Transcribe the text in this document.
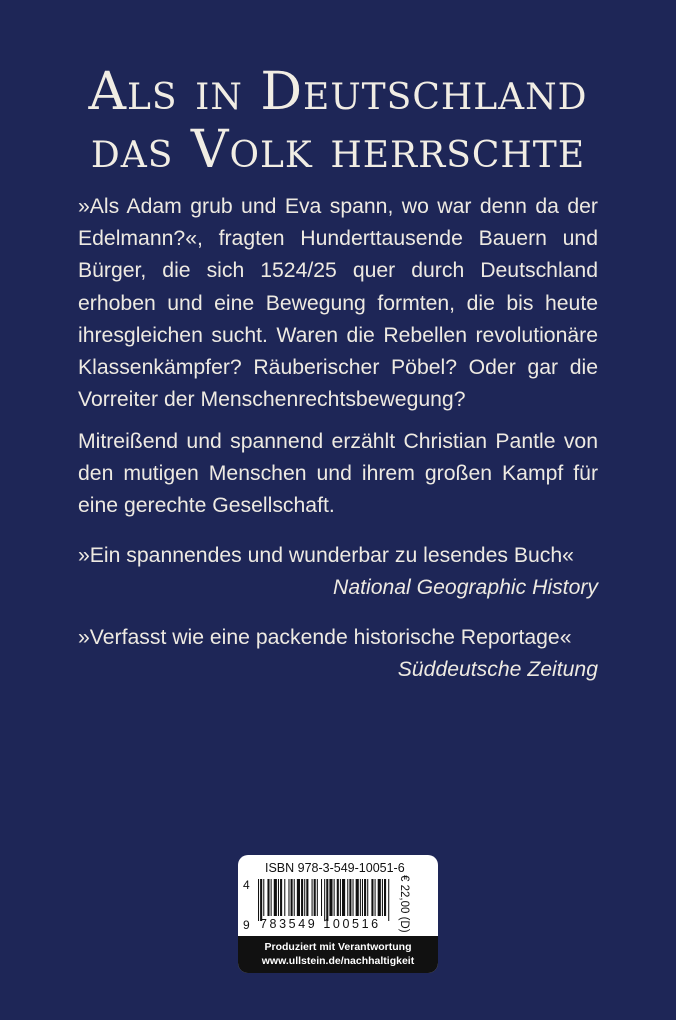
Als in Deutschland
das Volk herrschte

»Als Adam grub und Eva spann, wo war denn da der Edelmann?«, fragten Hunderttausende Bauern und Bürger, die sich 1524/25 quer durch Deutschland erhoben und eine Bewegung formten, die bis heute ihresgleichen sucht. Waren die Rebellen revolutionäre Klassenkämpfer? Räuberischer Pöbel? Oder gar die Vorreiter der Menschenrechtsbewegung?

Mitreißend und spannend erzählt Christian Pantle von den mutigen Menschen und ihrem großen Kampf für eine gerechte Gesellschaft.

»Ein spannendes und wunderbar zu lesendes Buch«
National Geographic History
»Verfasst wie eine packende historische Reportage«
Süddeutsche Zeitung
ISBN 978-3-549-10051-6
4
9 783549 100516	€ 22,00 (D)
Produziert mit Verantwortung
www.ullstein.de/nachhaltigkeit
